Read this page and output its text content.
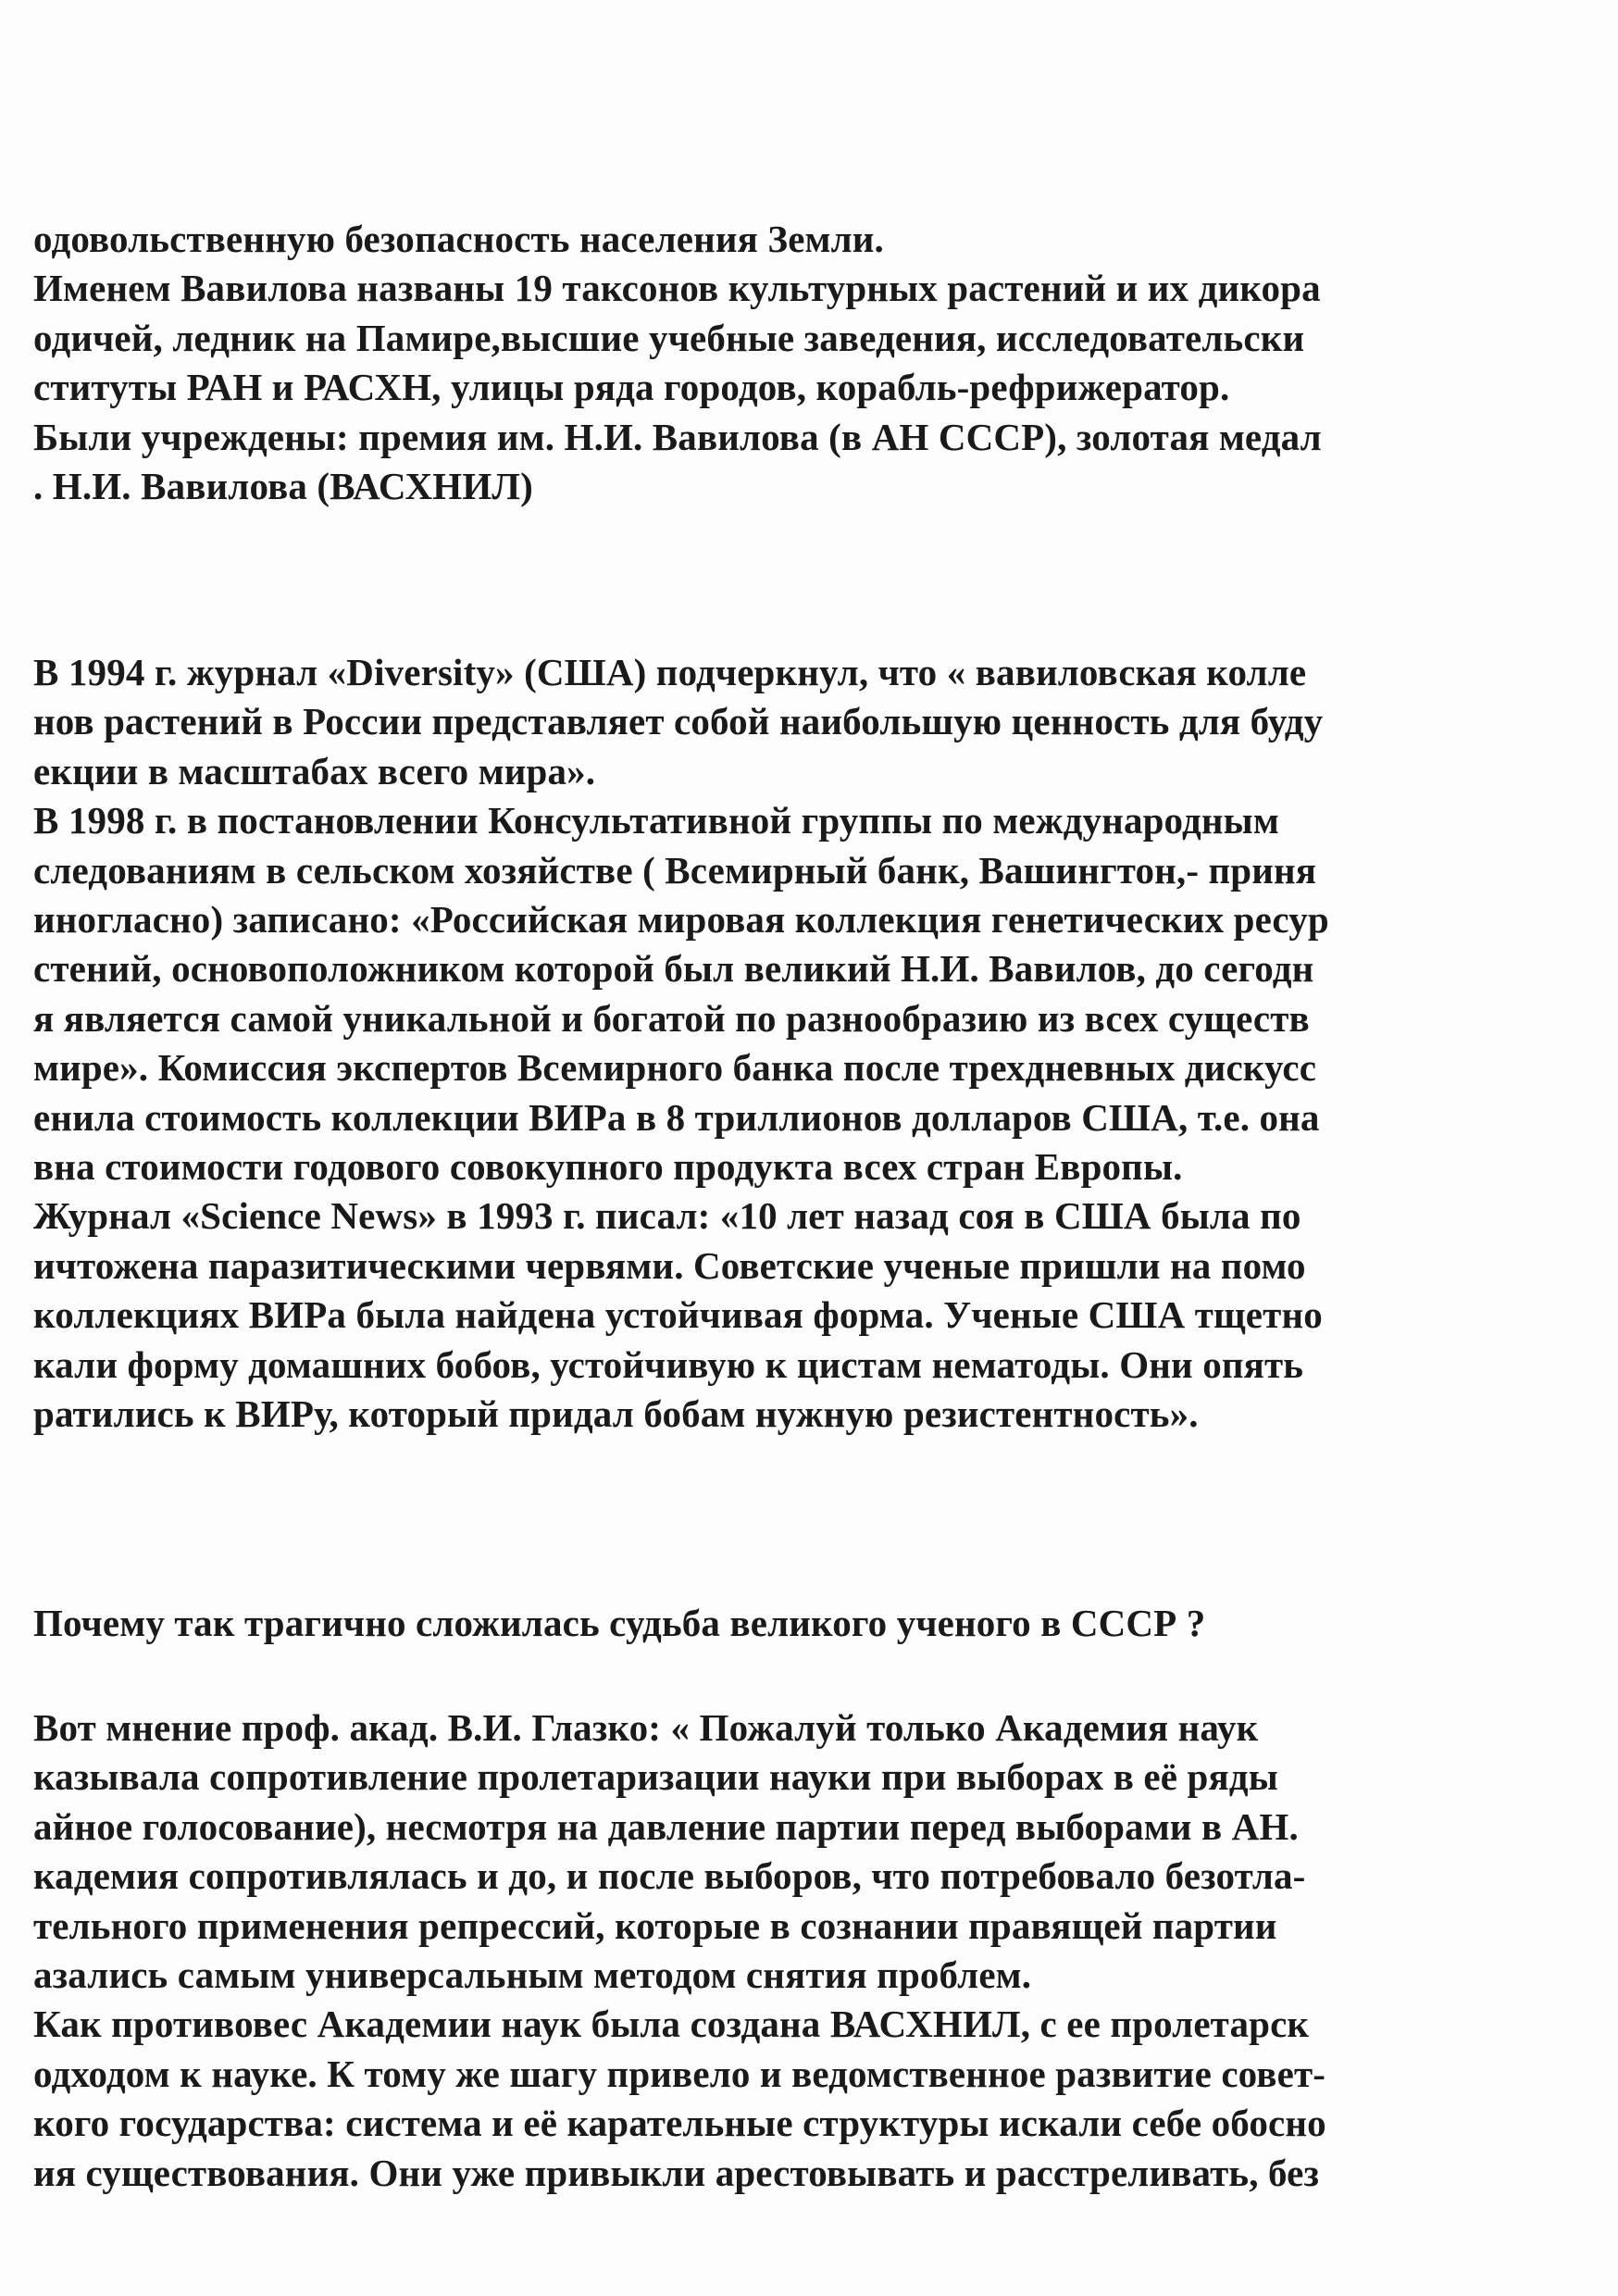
одовольственную безопасность населения Земли.
Именем Вавилова названы 19 таксонов культурных растений и их дикора
одичей, ледник на Памире,высшие учебные заведения, исследовательски
ституты РАН и РАСХН, улицы ряда городов, корабль-рефрижератор.
Были учреждены: премия им. Н.И. Вавилова (в АН СССР), золотая медал
. Н.И. Вавилова (ВАСХНИЛ)
В 1994 г. журнал «Diversity» (США) подчеркнул, что « вавиловская колле
нов растений в России представляет собой наибольшую ценность для буду
екции в масштабах всего мира».
В 1998 г. в постановлении Консультативной группы по международным
следованиям в сельском хозяйстве ( Всемирный банк, Вашингтон,- приня
иногласно) записано: «Российская мировая коллекция генетических ресур
стений, основоположником которой был великий Н.И. Вавилов, до сегодн
я является самой уникальной и богатой по разнообразию из всех существ
мире». Комиссия экспертов Всемирного банка после трехдневных дискусс
енила стоимость коллекции ВИРа в 8 триллионов долларов США, т.е. она
вна стоимости годового совокупного продукта всех стран Европы.
Журнал «Science News» в 1993 г. писал: «10 лет назад соя в США была по
ичтожена паразитическими червями. Советские ученые пришли на помо
коллекциях ВИРа была найдена устойчивая форма. Ученые США тщетно
кали форму домашних бобов, устойчивую к цистам нематоды. Они опять
ратились к ВИРу, который придал бобам нужную резистентность».
Почему так трагично сложилась судьба великого ученого в СССР ?
Вот мнение проф. акад. В.И. Глазко: « Пожалуй только Академия наук
казывала сопротивление пролетаризации науки при выборах в её ряды
айное голосование), несмотря на давление партии перед выборами в АН.
кадемия сопротивлялась и до, и после выборов, что потребовало безотла-
тельного применения репрессий, которые в сознании правящей партии
азались самым универсальным методом снятия проблем.
Как противовес Академии наук была создана ВАСХНИЛ, с ее пролетарск
одходом к науке. К тому же шагу привело и ведомственное развитие совет-
кого государства: система и её карательные структуры искали себе обосно
ия существования. Они уже привыкли арестовывать и расстреливать, без
